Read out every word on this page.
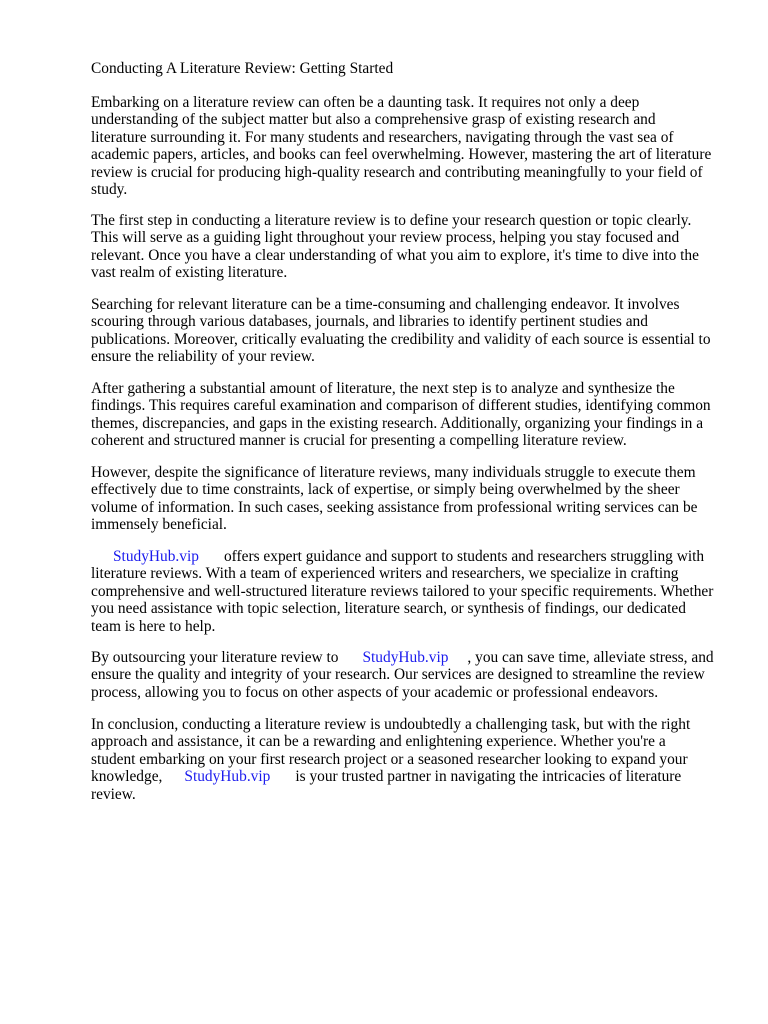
Conducting A Literature Review: Getting Started

Embarking on a literature review can often be a daunting task. It requires not only a deep
understanding of the subject matter but also a comprehensive grasp of existing research and
literature surrounding it. For many students and researchers, navigating through the vast sea of
academic papers, articles, and books can feel overwhelming. However, mastering the art of literature
review is crucial for producing high-quality research and contributing meaningfully to your field of
study.

The first step in conducting a literature review is to define your research question or topic clearly.
This will serve as a guiding light throughout your review process, helping you stay focused and
relevant. Once you have a clear understanding of what you aim to explore, it's time to dive into the
vast realm of existing literature.

Searching for relevant literature can be a time-consuming and challenging endeavor. It involves
scouring through various databases, journals, and libraries to identify pertinent studies and
publications. Moreover, critically evaluating the credibility and validity of each source is essential to
ensure the reliability of your review.

After gathering a substantial amount of literature, the next step is to analyze and synthesize the
findings. This requires careful examination and comparison of different studies, identifying common
themes, discrepancies, and gaps in the existing research. Additionally, organizing your findings in a
coherent and structured manner is crucial for presenting a compelling literature review.

However, despite the significance of literature reviews, many individuals struggle to execute them
effectively due to time constraints, lack of expertise, or simply being overwhelmed by the sheer
volume of information. In such cases, seeking assistance from professional writing services can be
immensely beneficial.

StudyHub.vip offers expert guidance and support to students and researchers struggling with
literature reviews. With a team of experienced writers and researchers, we specialize in crafting
comprehensive and well-structured literature reviews tailored to your specific requirements. Whether
you need assistance with topic selection, literature search, or synthesis of findings, our dedicated
team is here to help.

By outsourcing your literature review to StudyHub.vip , you can save time, alleviate stress, and
ensure the quality and integrity of your research. Our services are designed to streamline the review
process, allowing you to focus on other aspects of your academic or professional endeavors.

In conclusion, conducting a literature review is undoubtedly a challenging task, but with the right
approach and assistance, it can be a rewarding and enlightening experience. Whether you're a
student embarking on your first research project or a seasoned researcher looking to expand your
knowledge, StudyHub.vip is your trusted partner in navigating the intricacies of literature
review.
